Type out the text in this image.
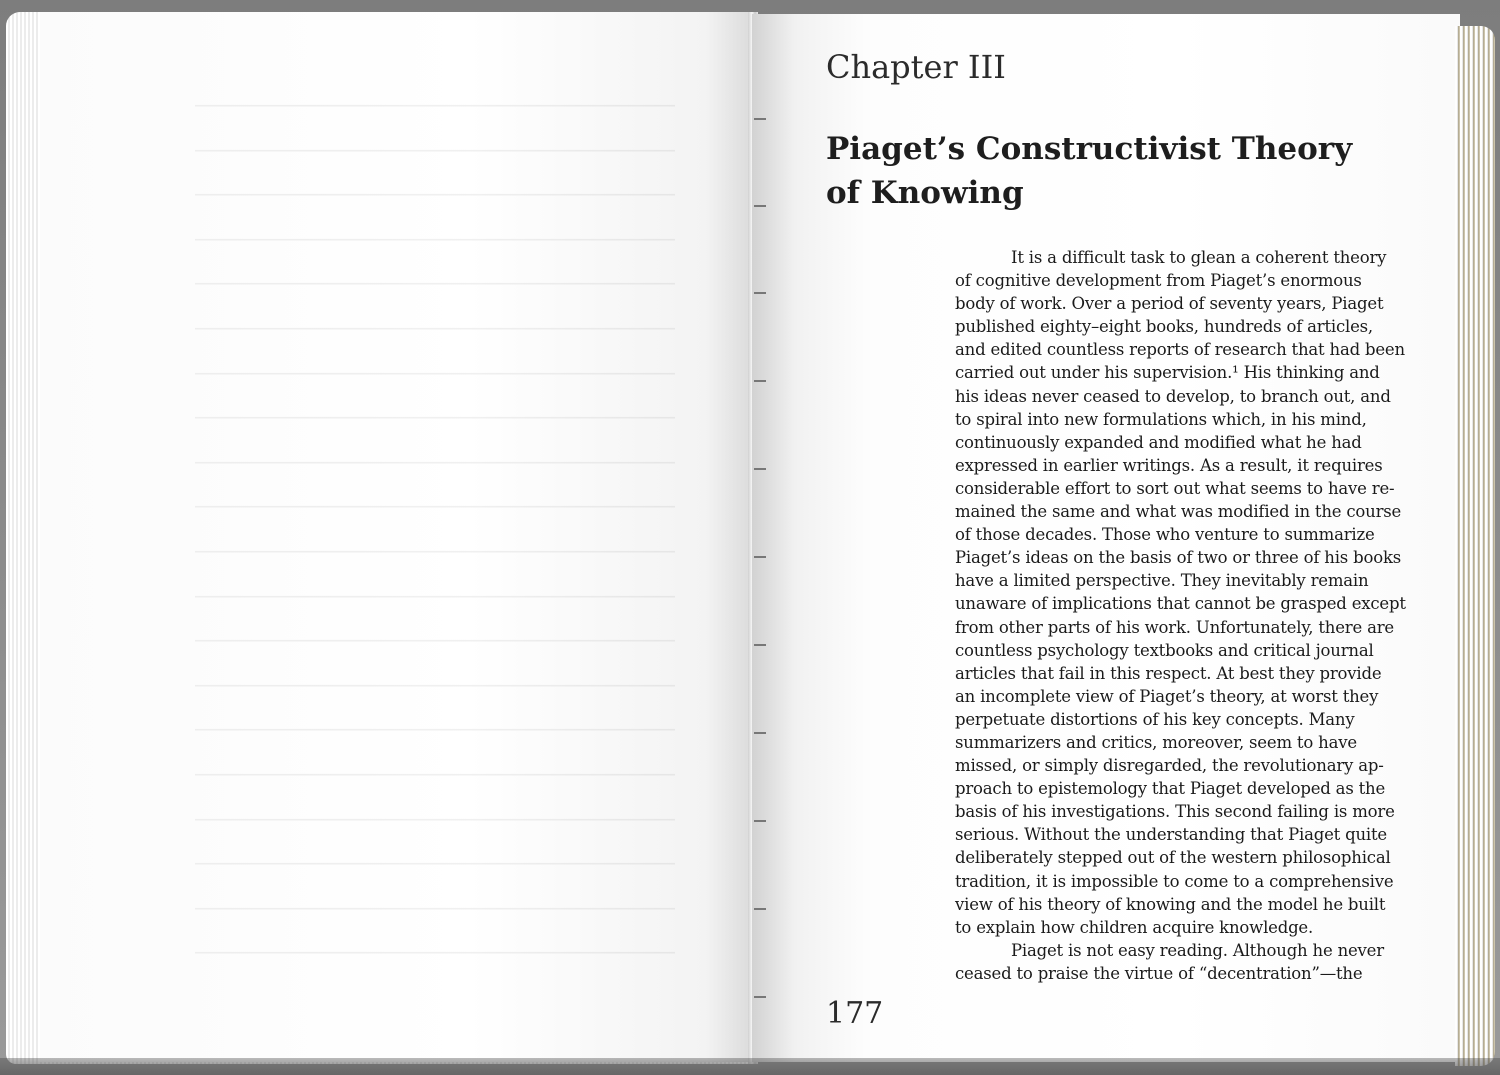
________________________
________________________
________________________
________________________
________________________
________________________
________________________
________________________
________________________
________________________
________________________
________________________
________________________
________________________
________________________
________________________
________________________
________________________
________________________
________________________
Chapter III
Piaget’s Constructivist Theory of Knowing
It is a difficult task to glean a coherent theory
of cognitive development from Piaget’s enormous
body of work. Over a period of seventy years, Piaget
published eighty–eight books, hundreds of articles,
and edited countless reports of research that had been
carried out under his supervision.¹ His thinking and
his ideas never ceased to develop, to branch out, and
to spiral into new formulations which, in his mind,
continuously expanded and modified what he had
expressed in earlier writings. As a result, it requires
considerable effort to sort out what seems to have re-
mained the same and what was modified in the course
of those decades. Those who venture to summarize
Piaget’s ideas on the basis of two or three of his books
have a limited perspective. They inevitably remain
unaware of implications that cannot be grasped except
from other parts of his work. Unfortunately, there are
countless psychology textbooks and critical journal
articles that fail in this respect. At best they provide
an incomplete view of Piaget’s theory, at worst they
perpetuate distortions of his key concepts. Many
summarizers and critics, moreover, seem to have
missed, or simply disregarded, the revolutionary ap-
proach to epistemology that Piaget developed as the
basis of his investigations. This second failing is more
serious. Without the understanding that Piaget quite
deliberately stepped out of the western philosophical
tradition, it is impossible to come to a comprehensive
view of his theory of knowing and the model he built
to explain how children acquire knowledge.
Piaget is not easy reading. Although he never
ceased to praise the virtue of “decentration”—the
177
